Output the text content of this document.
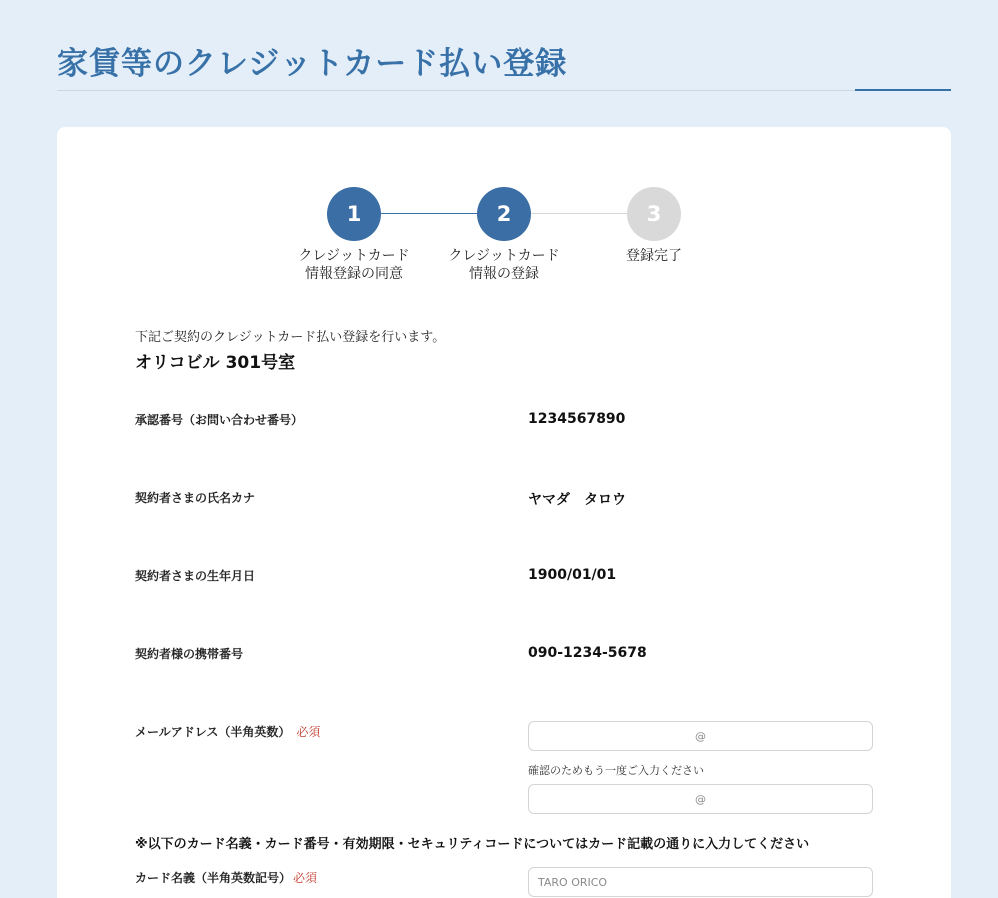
家賃等のクレジットカード払い登録
1	2	3
クレジットカード
情報登録の同意
クレジットカード
情報の登録
登録完了

下記ご契約のクレジットカード払い登録を行います。

オリコビル 301号室

承認番号（お問い合わせ番号）	1234567890
契約者さまの氏名カナ	ヤマダ　タロウ
契約者さまの生年月日	1900/01/01
契約者様の携帯番号	090-1234-5678
メールアドレス（半角英数） 必須
@
確認のためもう一度ご入力ください
@

※以下のカード名義・カード番号・有効期限・セキュリティコードについてはカード記載の通りに入力してください

カード名義（半角英数記号） 必須
TARO ORICO
